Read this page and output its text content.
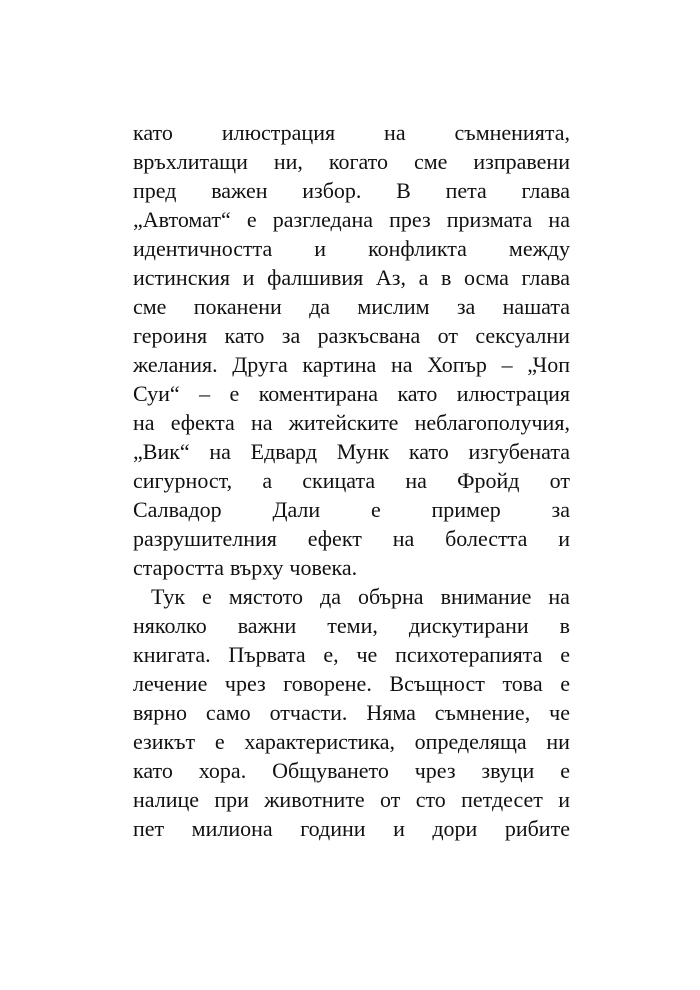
като илюстрация на съмненията,
връхлитащи ни, когато сме изправени
пред важен избор. В пета глава
„Автомат“ е разгледана през призмата на
идентичността и конфликта между
истинския и фалшивия Аз, а в осма глава
сме поканени да мислим за нашата
героиня като за разкъсвана от сексуални
желания. Друга картина на Хопър – „Чоп
Суи“ – е коментирана като илюстрация
на ефекта на житейските неблагополучия,
„Вик“ на Едвард Мунк като изгубената
сигурност, а скицата на Фройд от
Салвадор Дали е пример за
разрушителния ефект на болестта и
старостта върху човека.
Тук е мястото да обърна внимание на
няколко важни теми, дискутирани в
книгата. Първата е, че психотерапията е
лечение чрез говорене. Всъщност това е
вярно само отчасти. Няма съмнение, че
езикът е характеристика, определяща ни
като хора. Общуването чрез звуци е
налице при животните от сто петдесет и
пет милиона години и дори рибите
